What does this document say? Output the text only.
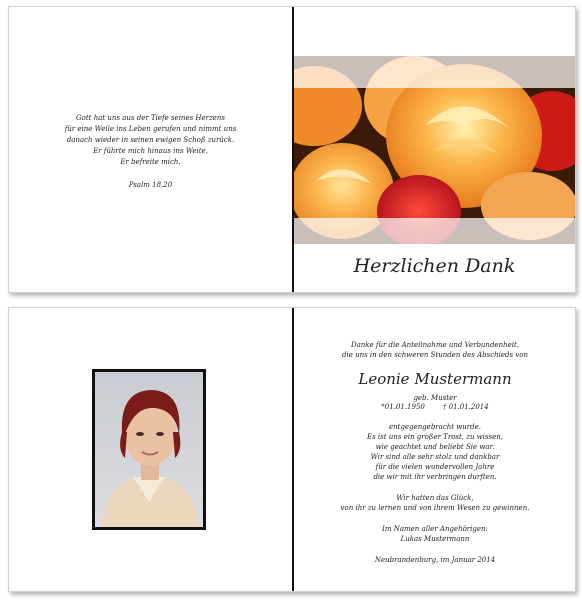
Gott hat uns aus der Tiefe seines Herzens
für eine Weile ins Leben gerufen und nimmt uns
danach wieder in seinen ewigen Schoß zurück.
Er führte mich hinaus ins Weite,
Er befreite mich.
Psalm 18,20
Herzlichen Dank
Danke für die Anteilnahme und Verbundenheit,
die uns in den schweren Stunden des Abschieds von
Leonie Mustermann
geb. Muster
*01.01.1950	† 01.01.2014
entgegengebracht wurde.
Es ist uns ein großer Trost, zu wissen,
wie geachtet und beliebt Sie war.
Wir sind alle sehr stolz und dankbar
für die vielen wundervollen Jahre
die wir mit ihr verbringen durften.
Wir hatten das Glück,
von ihr zu lernen und von ihrem Wesen zu gewinnen.
Im Namen aller Angehörigen:
Lukas Mustermann
Neubrandenburg, im Januar 2014
